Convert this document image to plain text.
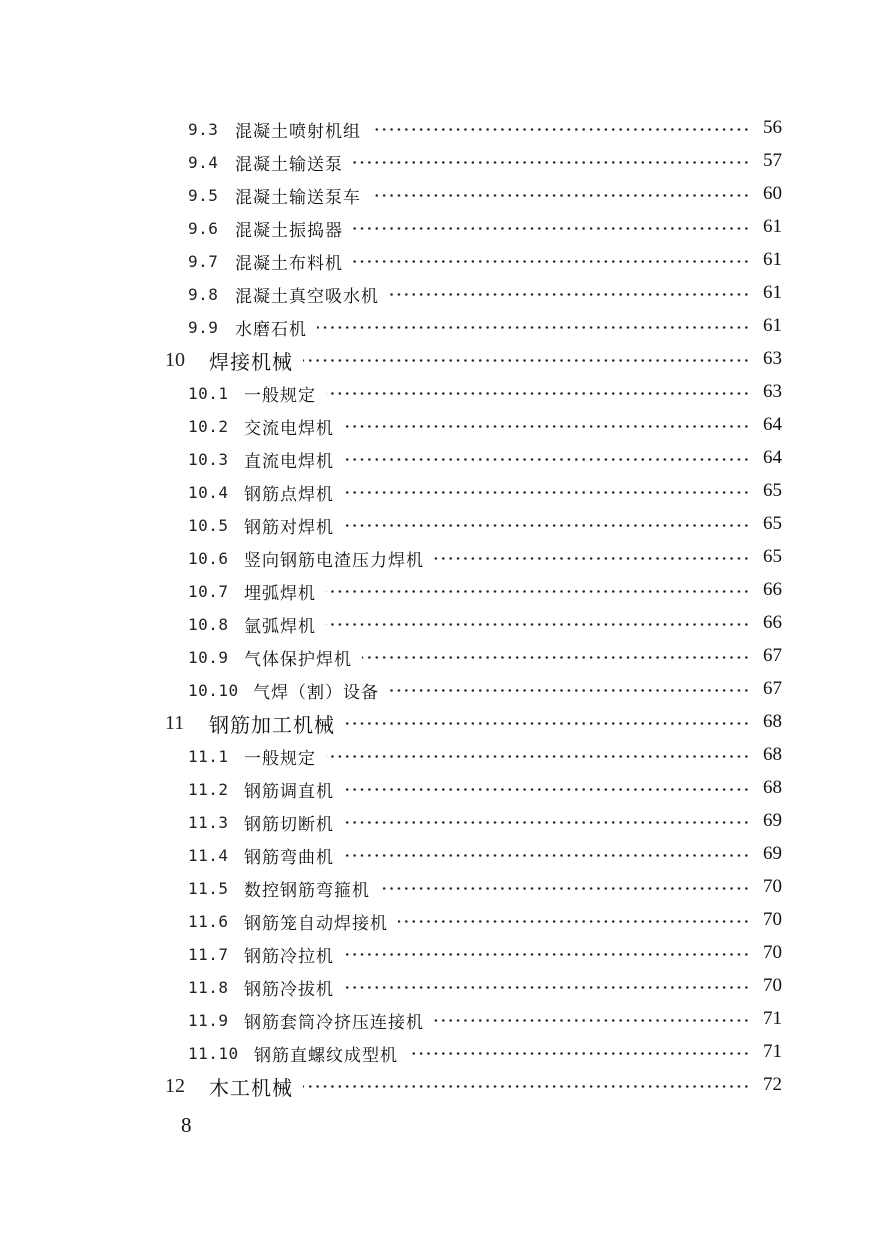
9.3 混凝土喷射机组	56
9.4 混凝土输送泵	57
9.5 混凝土输送泵车	60
9.6 混凝土振捣器	61
9.7 混凝土布料机	61
9.8 混凝土真空吸水机	61
9.9 水磨石机	61
10 焊接机械	63
10.1 一般规定	63
10.2 交流电焊机	64
10.3 直流电焊机	64
10.4 钢筋点焊机	65
10.5 钢筋对焊机	65
10.6 竖向钢筋电渣压力焊机	65
10.7 埋弧焊机	66
10.8 氩弧焊机	66
10.9 气体保护焊机	67
10.10 气焊（割）设备	67
11 钢筋加工机械	68
11.1 一般规定	68
11.2 钢筋调直机	68
11.3 钢筋切断机	69
11.4 钢筋弯曲机	69
11.5 数控钢筋弯箍机	70
11.6 钢筋笼自动焊接机	70
11.7 钢筋冷拉机	70
11.8 钢筋冷拔机	70
11.9 钢筋套筒冷挤压连接机	71
11.10 钢筋直螺纹成型机	71
12 木工机械	72
8
